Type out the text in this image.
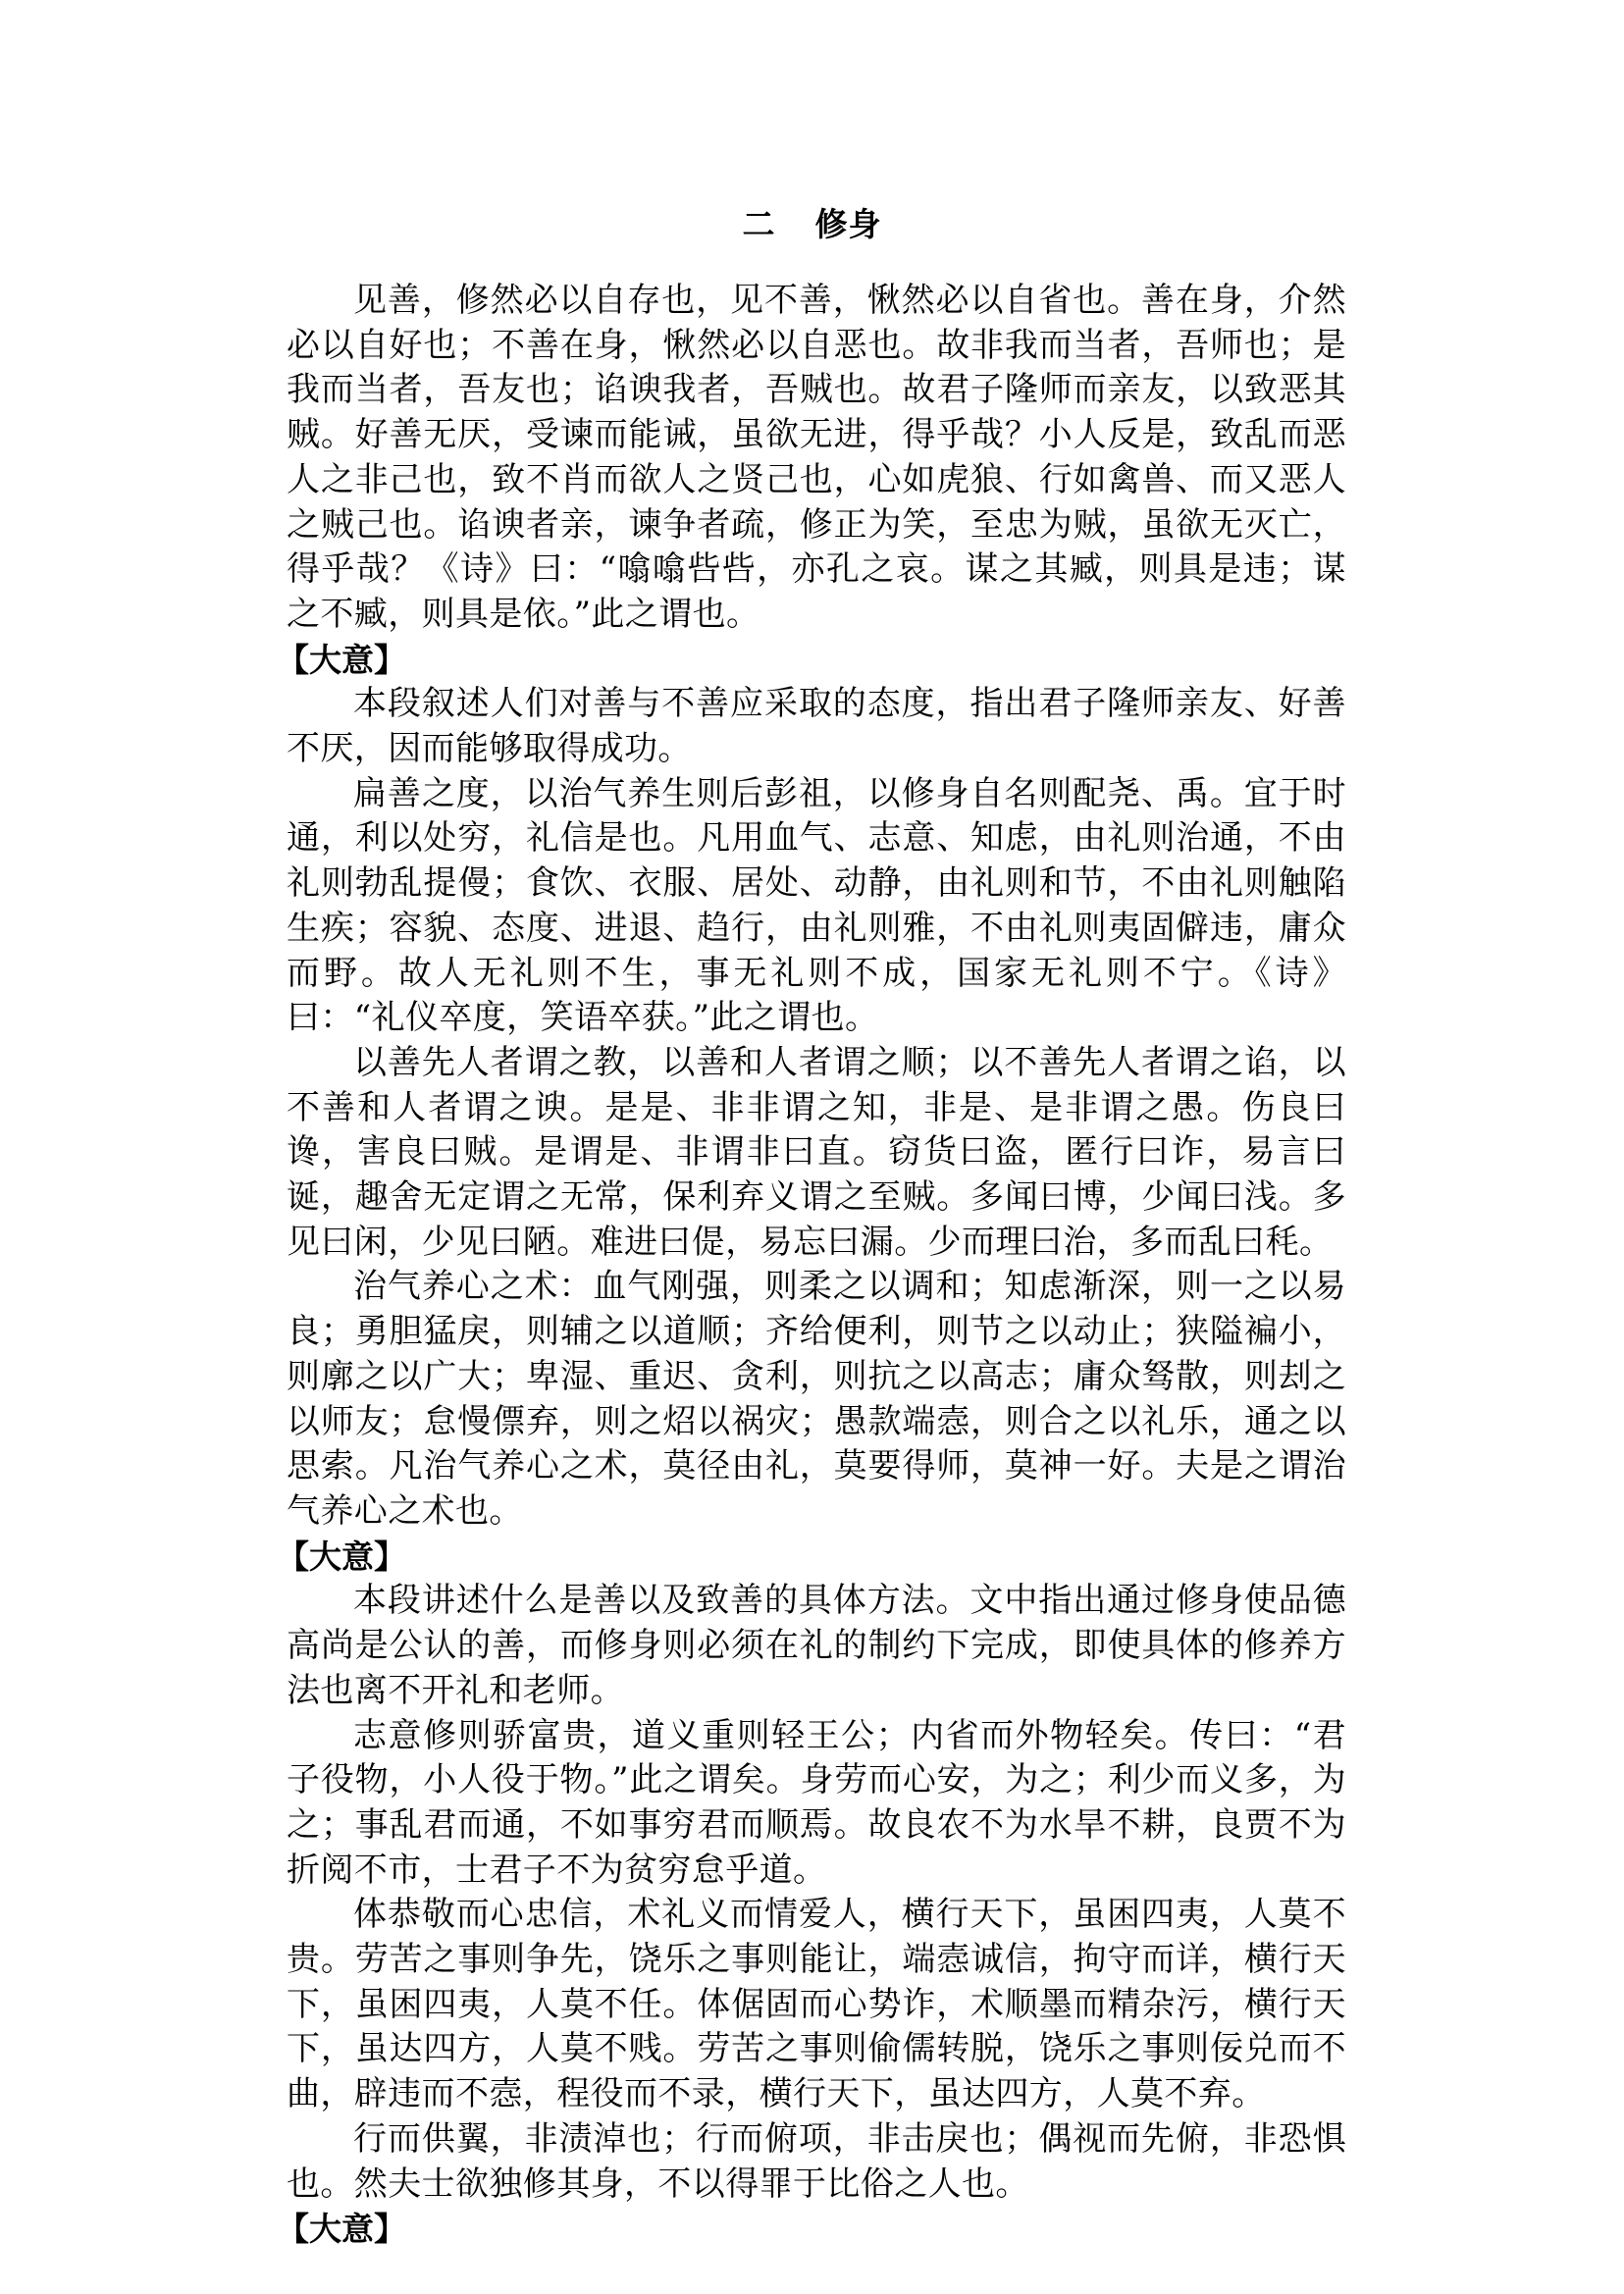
二 修身

见善，修然必以自存也，见不善，愀然必以自省也。善在身，介然必以自好也；不善在身，愀然必以自恶也。故非我而当者，吾师也；是我而当者，吾友也；谄谀我者，吾贼也。故君子隆师而亲友，以致恶其贼。好善无厌，受谏而能诫，虽欲无进，得乎哉？小人反是，致乱而恶人之非己也，致不肖而欲人之贤己也，心如虎狼、行如禽兽、而又恶人之贼己也。谄谀者亲，谏争者疏，修正为笑，至忠为贼，虽欲无灭亡，得乎哉？《诗》曰：“噏噏呰呰，亦孔之哀。谋之其臧，则具是违；谋之不臧，则具是依。”此之谓也。

【大意】

本段叙述人们对善与不善应采取的态度，指出君子隆师亲友、好善不厌，因而能够取得成功。

扁善之度，以治气养生则后彭祖，以修身自名则配尧、禹。宜于时通，利以处穷，礼信是也。凡用血气、志意、知虑，由礼则治通，不由礼则勃乱提僈；食饮、衣服、居处、动静，由礼则和节，不由礼则触陷生疾；容貌、态度、进退、趋行，由礼则雅，不由礼则夷固僻违，庸众而野。故人无礼则不生，事无礼则不成，国家无礼则不宁。《诗》曰：“礼仪卒度，笑语卒获。”此之谓也。

以善先人者谓之教，以善和人者谓之顺；以不善先人者谓之谄，以不善和人者谓之谀。是是、非非谓之知，非是、是非谓之愚。伤良曰谗，害良曰贼。是谓是、非谓非曰直。窃货曰盗，匿行曰诈，易言曰诞，趣舍无定谓之无常，保利弃义谓之至贼。多闻曰博，少闻曰浅。多见曰闲，少见曰陋。难进曰偍，易忘曰漏。少而理曰治，多而乱曰秏。

治气养心之术：血气刚强，则柔之以调和；知虑渐深，则一之以易良；勇胆猛戾，则辅之以道顺；齐给便利，则节之以动止；狭隘褊小，则廓之以广大；卑湿、重迟、贪利，则抗之以高志；庸众驽散，则刦之以师友；怠慢僄弃，则之炤以祸灾；愚款端悫，则合之以礼乐，通之以思索。凡治气养心之术，莫径由礼，莫要得师，莫神一好。夫是之谓治气养心之术也。

【大意】

本段讲述什么是善以及致善的具体方法。文中指出通过修身使品德高尚是公认的善，而修身则必须在礼的制约下完成，即使具体的修养方法也离不开礼和老师。

志意修则骄富贵，道义重则轻王公；内省而外物轻矣。传曰：“君子役物，小人役于物。”此之谓矣。身劳而心安，为之；利少而义多，为之；事乱君而通，不如事穷君而顺焉。故良农不为水旱不耕，良贾不为折阅不市，士君子不为贫穷怠乎道。

体恭敬而心忠信，术礼义而情爱人，横行天下，虽困四夷，人莫不贵。劳苦之事则争先，饶乐之事则能让，端悫诚信，拘守而详，横行天下，虽困四夷，人莫不任。体倨固而心势诈，术顺墨而精杂污，横行天下，虽达四方，人莫不贱。劳苦之事则偷儒转脱，饶乐之事则佞兑而不曲，辟违而不悫，程役而不录，横行天下，虽达四方，人莫不弃。

行而供翼，非渍淖也；行而俯项，非击戾也；偶视而先俯，非恐惧也。然夫士欲独修其身，不以得罪于比俗之人也。

【大意】
